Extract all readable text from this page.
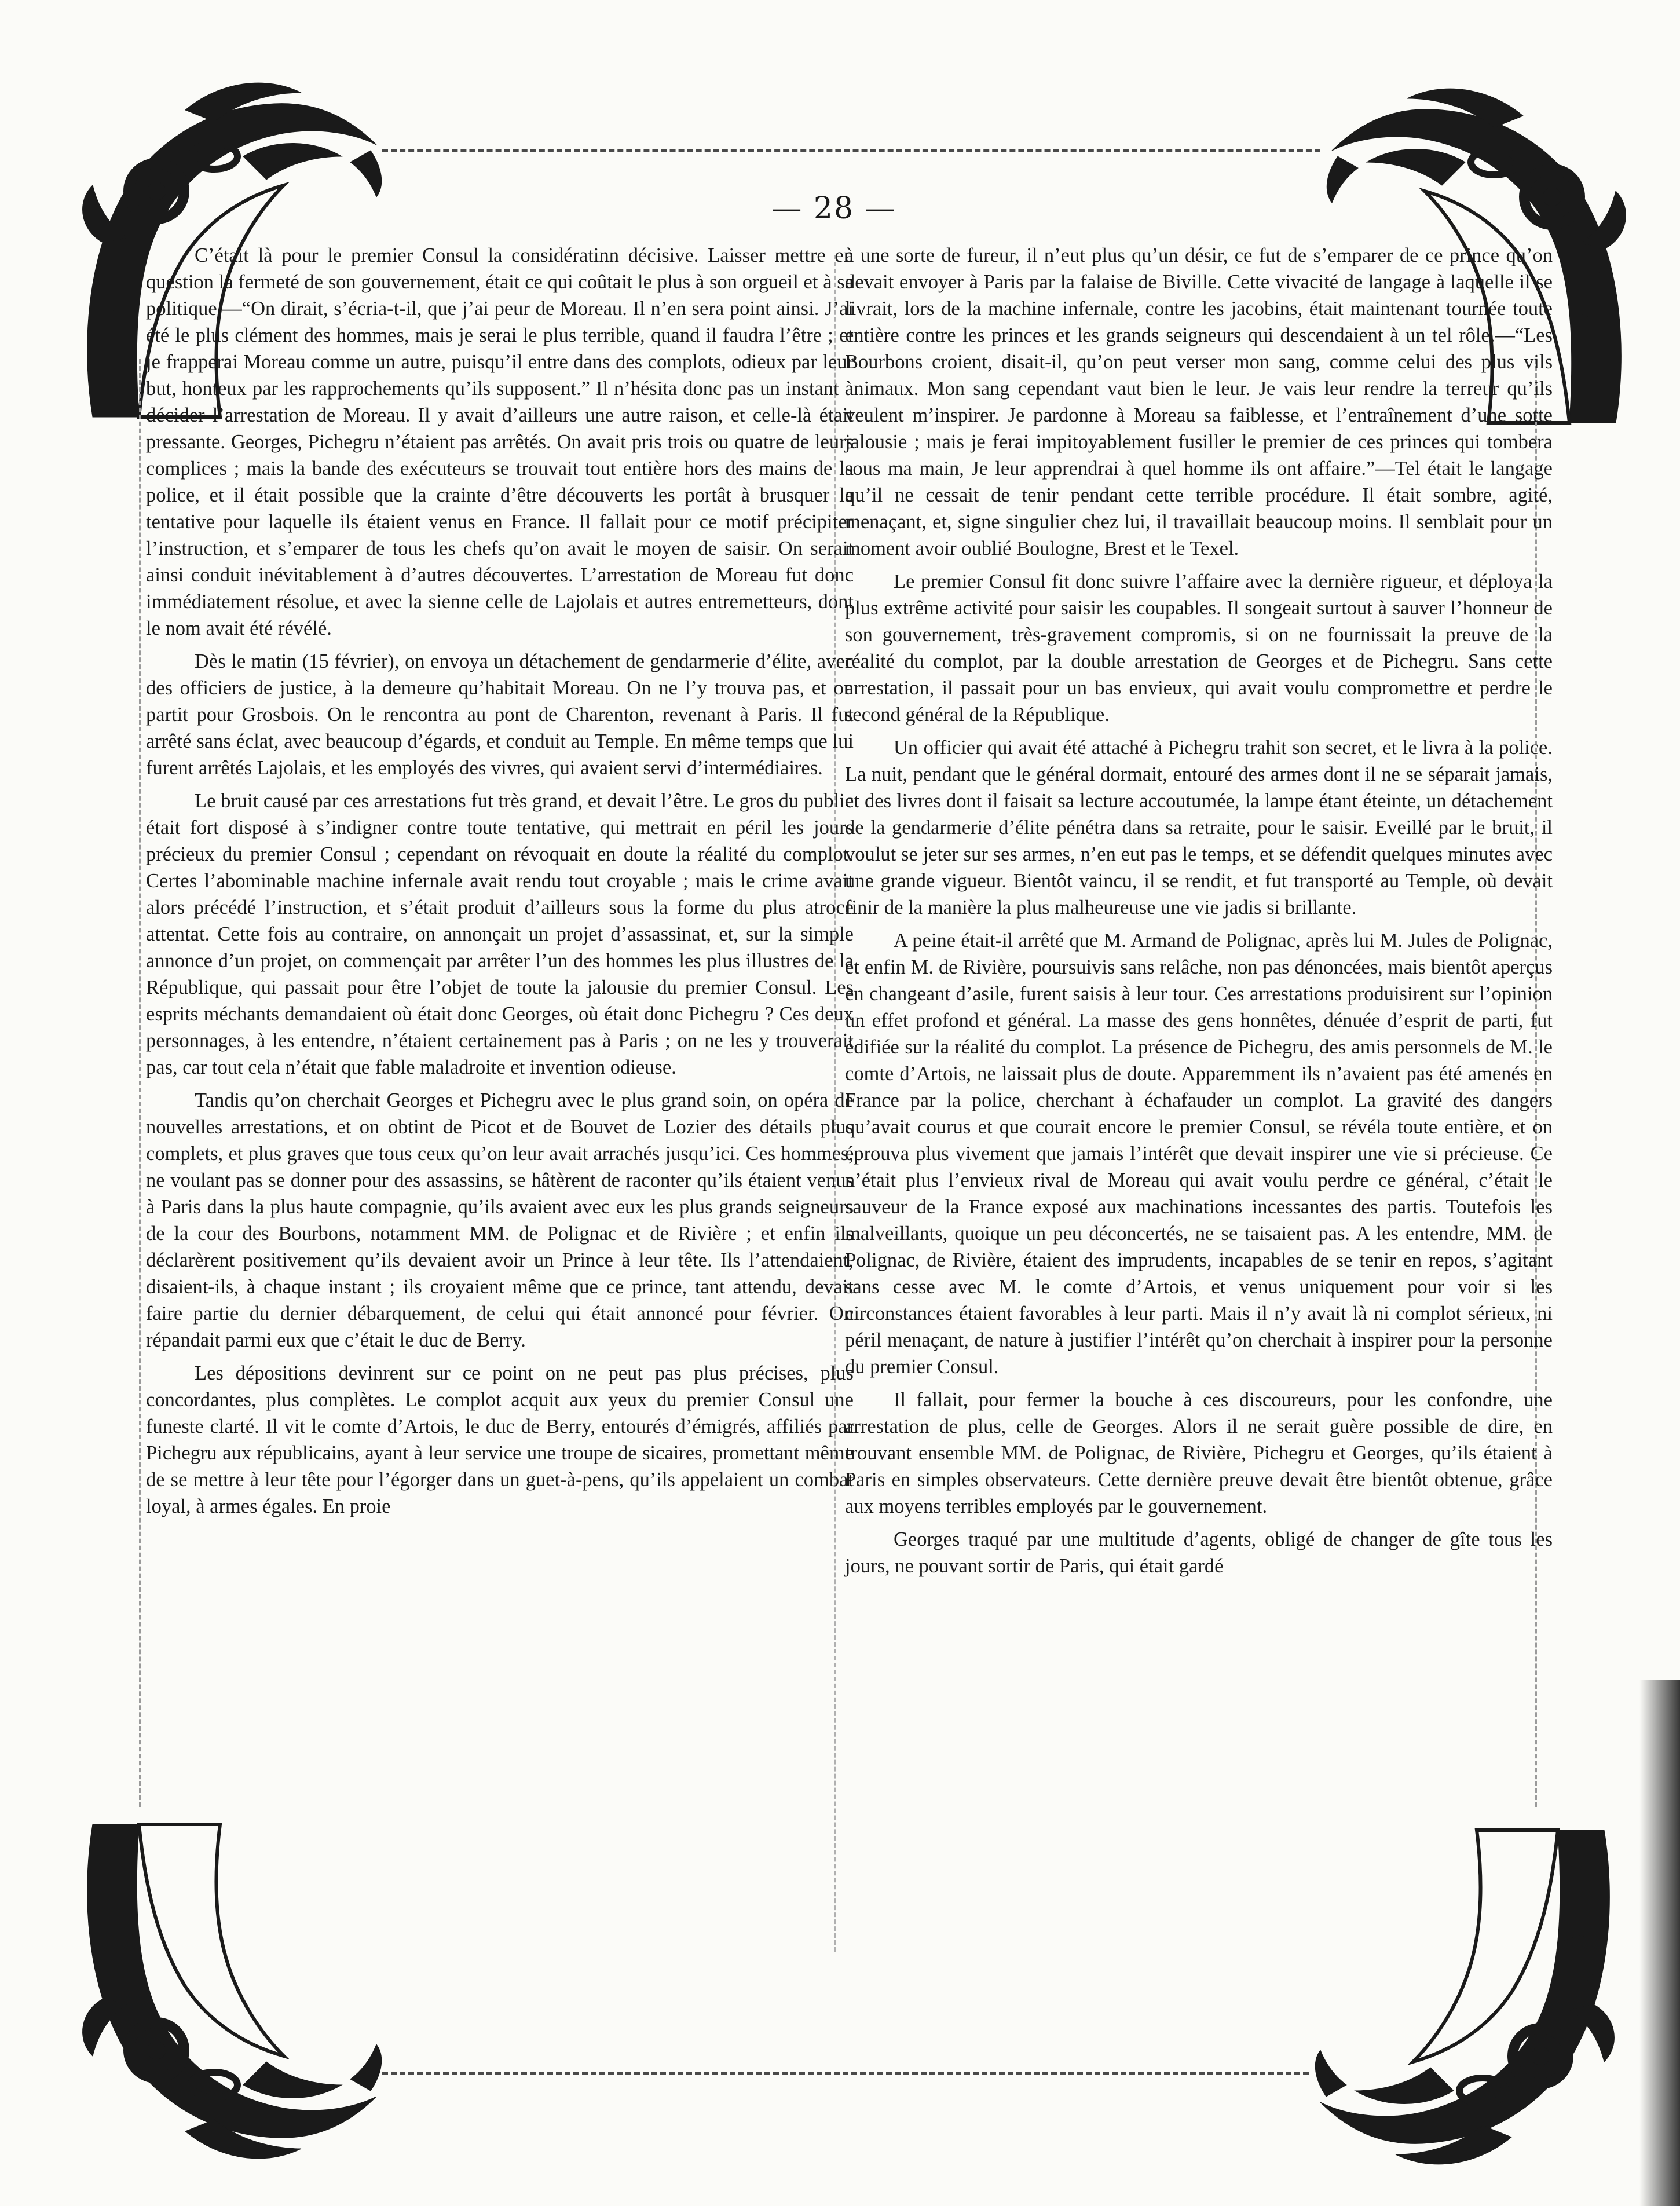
— 28 —

C’était là pour le premier Consul la considératinn décisive. Laisser mettre en question la fermeté de son gouvernement, était ce qui coûtait le plus à son orgueil et à sa politique.—“On dirait, s’écria-t-il, que j’ai peur de Moreau. Il n’en sera point ainsi. J’ai été le plus clément des hommes, mais je serai le plus terrible, quand il faudra l’être ; et je frapperai Moreau comme un autre, puisqu’il entre dans des complots, odieux par leur but, honteux par les rapprochements qu’ils supposent.” Il n’hésita donc pas un instant à décider l’arrestation de Moreau. Il y avait d’ailleurs une autre raison, et celle-là était pressante. Georges, Pichegru n’étaient pas arrêtés. On avait pris trois ou quatre de leurs complices ; mais la bande des exécuteurs se trouvait tout entière hors des mains de la police, et il était possible que la crainte d’être découverts les portât à brusquer la tentative pour laquelle ils étaient venus en France. Il fallait pour ce motif précipiter l’instruction, et s’emparer de tous les chefs qu’on avait le moyen de saisir. On serait ainsi conduit inévitablement à d’autres découvertes. L’arrestation de Moreau fut donc immédiatement résolue, et avec la sienne celle de Lajolais et autres entremetteurs, dont le nom avait été révélé.

Dès le matin (15 février), on envoya un détachement de gendarmerie d’élite, avec des officiers de justice, à la demeure qu’habitait Moreau. On ne l’y trouva pas, et on partit pour Grosbois. On le rencontra au pont de Charenton, revenant à Paris. Il fut arrêté sans éclat, avec beaucoup d’égards, et conduit au Temple. En même temps que lui furent arrêtés Lajolais, et les employés des vivres, qui avaient servi d’intermédiaires.

Le bruit causé par ces arrestations fut très grand, et devait l’être. Le gros du public était fort disposé à s’indigner contre toute tentative, qui mettrait en péril les jours précieux du premier Consul ; cependant on révoquait en doute la réalité du complot. Certes l’abominable machine infernale avait rendu tout croyable ; mais le crime avait alors précédé l’instruction, et s’était produit d’ailleurs sous la forme du plus atroce attentat. Cette fois au contraire, on annonçait un projet d’assassinat, et, sur la simple annonce d’un projet, on commençait par arrêter l’un des hommes les plus illustres de la République, qui passait pour être l’objet de toute la jalousie du premier Consul. Les esprits méchants demandaient où était donc Georges, où était donc Pichegru ? Ces deux personnages, à les entendre, n’étaient certainement pas à Paris ; on ne les y trouverait pas, car tout cela n’était que fable maladroite et invention odieuse.

Tandis qu’on cherchait Georges et Pichegru avec le plus grand soin, on opéra de nouvelles arrestations, et on obtint de Picot et de Bouvet de Lozier des détails plus complets, et plus graves que tous ceux qu’on leur avait arrachés jusqu’ici. Ces hommes, ne voulant pas se donner pour des assassins, se hâtèrent de raconter qu’ils étaient venus à Paris dans la plus haute compagnie, qu’ils avaient avec eux les plus grands seigneurs de la cour des Bourbons, notamment MM. de Polignac et de Rivière ; et enfin ils déclarèrent positivement qu’ils devaient avoir un Prince à leur tête. Ils l’attendaient, disaient-ils, à chaque instant ; ils croyaient même que ce prince, tant attendu, devait faire partie du dernier débarquement, de celui qui était annoncé pour février. On répandait parmi eux que c’était le duc de Berry.

Les dépositions devinrent sur ce point on ne peut pas plus précises, plus concordantes, plus complètes. Le complot acquit aux yeux du premier Consul une funeste clarté. Il vit le comte d’Artois, le duc de Berry, entourés d’émigrés, affiliés par Pichegru aux républicains, ayant à leur service une troupe de sicaires, promettant même de se mettre à leur tête pour l’égorger dans un guet-à-pens, qu’ils appelaient un combat loyal, à armes égales. En proie

à une sorte de fureur, il n’eut plus qu’un désir, ce fut de s’emparer de ce prince qu’on devait envoyer à Paris par la falaise de Biville. Cette vivacité de langage à laquelle il se livrait, lors de la machine infernale, contre les jacobins, était maintenant tournée toute entière contre les princes et les grands seigneurs qui descendaient à un tel rôle.—“Les Bourbons croient, disait-il, qu’on peut verser mon sang, comme celui des plus vils animaux. Mon sang cependant vaut bien le leur. Je vais leur rendre la terreur qu’ils veulent m’inspirer. Je pardonne à Moreau sa faiblesse, et l’entraînement d’une sotte jalousie ; mais je ferai impitoyablement fusiller le premier de ces princes qui tombera sous ma main, Je leur apprendrai à quel homme ils ont affaire.”—Tel était le langage qu’il ne cessait de tenir pendant cette terrible procédure. Il était sombre, agité, menaçant, et, signe singulier chez lui, il travaillait beaucoup moins. Il semblait pour un moment avoir oublié Boulogne, Brest et le Texel.

Le premier Consul fit donc suivre l’affaire avec la dernière rigueur, et déploya la plus extrême activité pour saisir les coupables. Il songeait surtout à sauver l’honneur de son gouvernement, très-gravement compromis, si on ne fournissait la preuve de la réalité du complot, par la double arrestation de Georges et de Pichegru. Sans cette arrestation, il passait pour un bas envieux, qui avait voulu compromettre et perdre le second général de la République.

Un officier qui avait été attaché à Pichegru trahit son secret, et le livra à la police. La nuit, pendant que le général dormait, entouré des armes dont il ne se séparait jamais, et des livres dont il faisait sa lecture accoutumée, la lampe étant éteinte, un détachement de la gendarmerie d’élite pénétra dans sa retraite, pour le saisir. Eveillé par le bruit, il voulut se jeter sur ses armes, n’en eut pas le temps, et se défendit quelques minutes avec une grande vigueur. Bientôt vaincu, il se rendit, et fut transporté au Temple, où devait finir de la manière la plus malheureuse une vie jadis si brillante.

A peine était-il arrêté que M. Armand de Polignac, après lui M. Jules de Polignac, et enfin M. de Rivière, poursuivis sans relâche, non pas dénoncées, mais bientôt aperçus en changeant d’asile, furent saisis à leur tour. Ces arrestations produisirent sur l’opinion un effet profond et général. La masse des gens honnêtes, dénuée d’esprit de parti, fut édifiée sur la réalité du complot. La présence de Pichegru, des amis personnels de M. le comte d’Artois, ne laissait plus de doute. Apparemment ils n’avaient pas été amenés en France par la police, cherchant à échafauder un complot. La gravité des dangers qu’avait courus et que courait encore le premier Consul, se révéla toute entière, et on éprouva plus vivement que jamais l’intérêt que devait inspirer une vie si précieuse. Ce n’était plus l’envieux rival de Moreau qui avait voulu perdre ce général, c’était le sauveur de la France exposé aux machinations incessantes des partis. Toutefois les malveillants, quoique un peu déconcertés, ne se taisaient pas. A les entendre, MM. de Polignac, de Rivière, étaient des imprudents, incapables de se tenir en repos, s’agitant sans cesse avec M. le comte d’Artois, et venus uniquement pour voir si les circonstances étaient favorables à leur parti. Mais il n’y avait là ni complot sérieux, ni péril menaçant, de nature à justifier l’intérêt qu’on cherchait à inspirer pour la personne du premier Consul.

Il fallait, pour fermer la bouche à ces discoureurs, pour les confondre, une arrestation de plus, celle de Georges. Alors il ne serait guère possible de dire, en trouvant ensemble MM. de Polignac, de Rivière, Pichegru et Georges, qu’ils étaient à Paris en simples observateurs. Cette dernière preuve devait être bientôt obtenue, grâce aux moyens terribles employés par le gouvernement.

Georges traqué par une multitude d’agents, obligé de changer de gîte tous les jours, ne pouvant sortir de Paris, qui était gardé
